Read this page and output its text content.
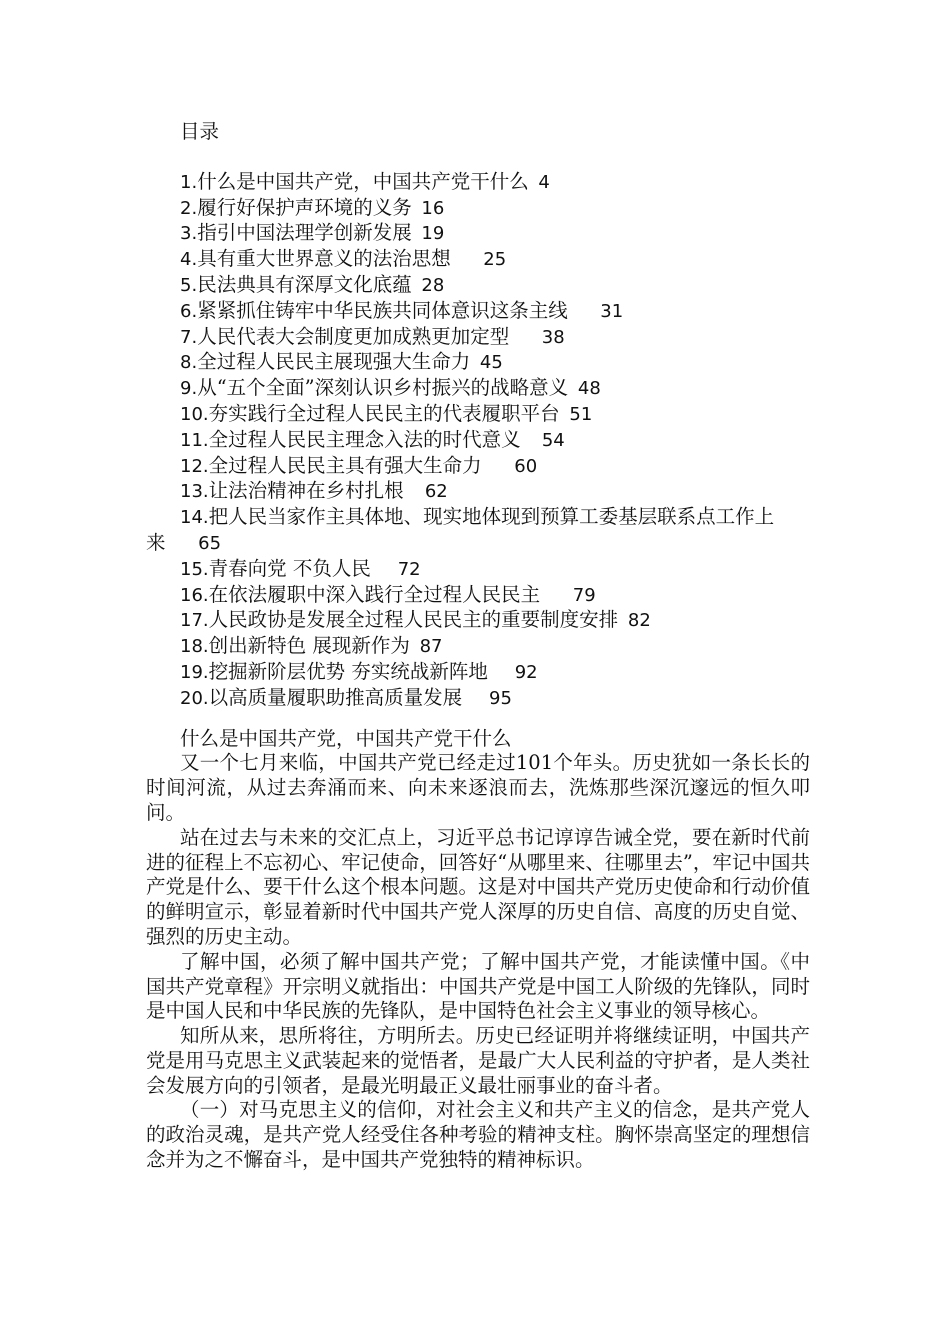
目录
1.什么是中国共产党，中国共产党干什么 4
2.履行好保护声环境的义务 16
3.指引中国法理学创新发展 19
4.具有重大世界意义的法治思想     25
5.民法典具有深厚文化底蕴 28
6.紧紧抓住铸牢中华民族共同体意识这条主线     31
7.人民代表大会制度更加成熟更加定型     38
8.全过程人民民主展现强大生命力 45
9.从“五个全面”深刻认识乡村振兴的战略意义 48
10.夯实践行全过程人民民主的代表履职平台 51
11.全过程人民民主理念入法的时代意义   54
12.全过程人民民主具有强大生命力     60
13.让法治精神在乡村扎根   62
14.把人民当家作主具体地、现实地体现到预算工委基层联系点工作上来     65
15.青春向党 不负人民    72
16.在依法履职中深入践行全过程人民民主     79
17.人民政协是发展全过程人民民主的重要制度安排 82
18.创出新特色 展现新作为 87
19.挖掘新阶层优势 夯实统战新阵地    92
20.以高质量履职助推高质量发展    95
什么是中国共产党，中国共产党干什么

又一个七月来临，中国共产党已经走过101个年头。历史犹如一条长长的时间河流，从过去奔涌而来、向未来逐浪而去，洗炼那些深沉邃远的恒久叩问。

站在过去与未来的交汇点上，习近平总书记谆谆告诫全党，要在新时代前进的征程上不忘初心、牢记使命，回答好“从哪里来、往哪里去”，牢记中国共产党是什么、要干什么这个根本问题。这是对中国共产党历史使命和行动价值的鲜明宣示，彰显着新时代中国共产党人深厚的历史自信、高度的历史自觉、强烈的历史主动。

了解中国，必须了解中国共产党；了解中国共产党，才能读懂中国。《中国共产党章程》开宗明义就指出：中国共产党是中国工人阶级的先锋队，同时是中国人民和中华民族的先锋队，是中国特色社会主义事业的领导核心。

知所从来，思所将往，方明所去。历史已经证明并将继续证明，中国共产党是用马克思主义武装起来的觉悟者，是最广大人民利益的守护者，是人类社会发展方向的引领者，是最光明最正义最壮丽事业的奋斗者。

（一）对马克思主义的信仰，对社会主义和共产主义的信念，是共产党人的政治灵魂，是共产党人经受住各种考验的精神支柱。胸怀崇高坚定的理想信念并为之不懈奋斗，是中国共产党独特的精神标识。
